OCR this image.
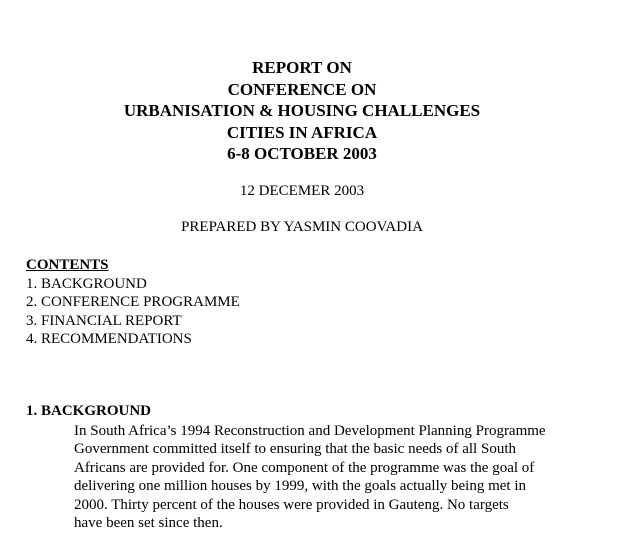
REPORT ON
CONFERENCE ON
URBANISATION & HOUSING CHALLENGES
CITIES IN AFRICA
6-8 OCTOBER 2003
12 DECEMER 2003
PREPARED BY YASMIN COOVADIA
CONTENTS
1. BACKGROUND
2. CONFERENCE PROGRAMME
3. FINANCIAL REPORT
4. RECOMMENDATIONS
1. BACKGROUND
In South Africa’s 1994 Reconstruction and Development Planning Programme
Government committed itself to ensuring that the basic needs of all South
Africans are provided for. One component of the programme was the goal of
delivering one million houses by 1999, with the goals actually being met in
2000. Thirty percent of the houses were provided in Gauteng. No targets
have been set since then.
